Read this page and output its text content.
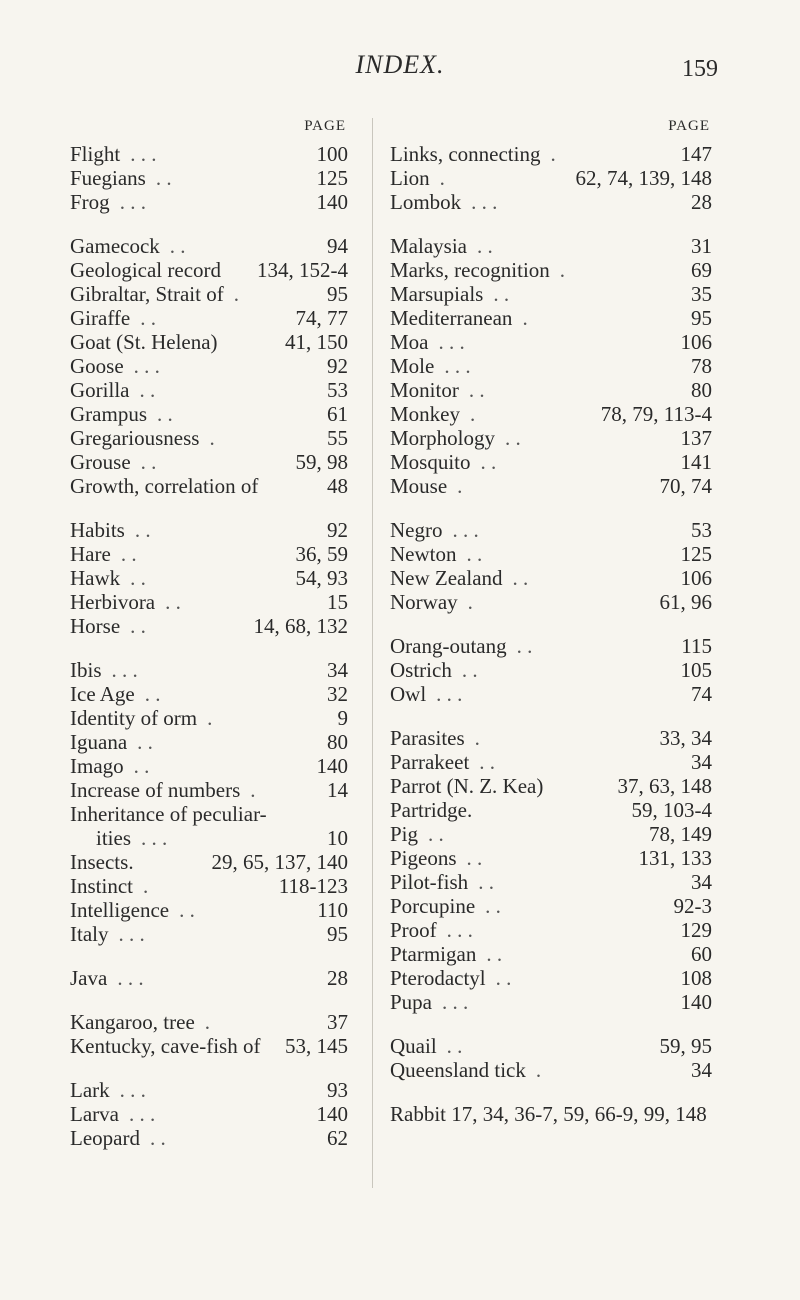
INDEX.	159
PAGE
Flight . . .	100
Fuegians . .	125
Frog . . .	140
Gamecock . .	94
Geological record 134, 152-4
Gibraltar, Strait of .	95
Giraffe . .	74, 77
Goat (St. Helena)	41, 150
Goose . . .	92
Gorilla . .	53
Grampus . .	61
Gregariousness .	55
Grouse . .	59, 98
Growth, correlation of	48
Habits . .	92
Hare . .	36, 59
Hawk . .	54, 93
Herbivora . .	15
Horse . .	14, 68, 132
Ibis . . .	34
Ice Age . .	32
Identity of orm .	9
Iguana . .	80
Imago . .	140
Increase of numbers .	14
Inheritance of peculiar-
ities . . .	10
Insects.	29, 65, 137, 140
Instinct .	118-123
Intelligence . .	110
Italy . . .	95
Java . . .	28
Kangaroo, tree .	37
Kentucky, cave-fish of 53, 145
Lark . . .	93
Larva . . .	140
Leopard . .	62
PAGE
Links, connecting .	147
Lion .	62, 74, 139, 148
Lombok . . .	28
Malaysia . .	31
Marks, recognition .	69
Marsupials . .	35
Mediterranean .	95
Moa . . .	106
Mole . . .	78
Monitor . .	80
Monkey .	78, 79, 113-4
Morphology . .	137
Mosquito . .	141
Mouse .	70, 74
Negro . . .	53
Newton . .	125
New Zealand . .	106
Norway .	61, 96
Orang-outang . .	115
Ostrich . .	105
Owl . . .	74
Parasites .	33, 34
Parrakeet . .	34
Parrot (N. Z. Kea)	37, 63, 148
Partridge.	59, 103-4
Pig . .	78, 149
Pigeons . .	131, 133
Pilot-fish . .	34
Porcupine . .	92-3
Proof . . .	129
Ptarmigan . .	60
Pterodactyl . .	108
Pupa . . .	140
Quail . .	59, 95
Queensland tick .	34
Rabbit 17, 34, 36-7, 59, 66-9, 99, 148
